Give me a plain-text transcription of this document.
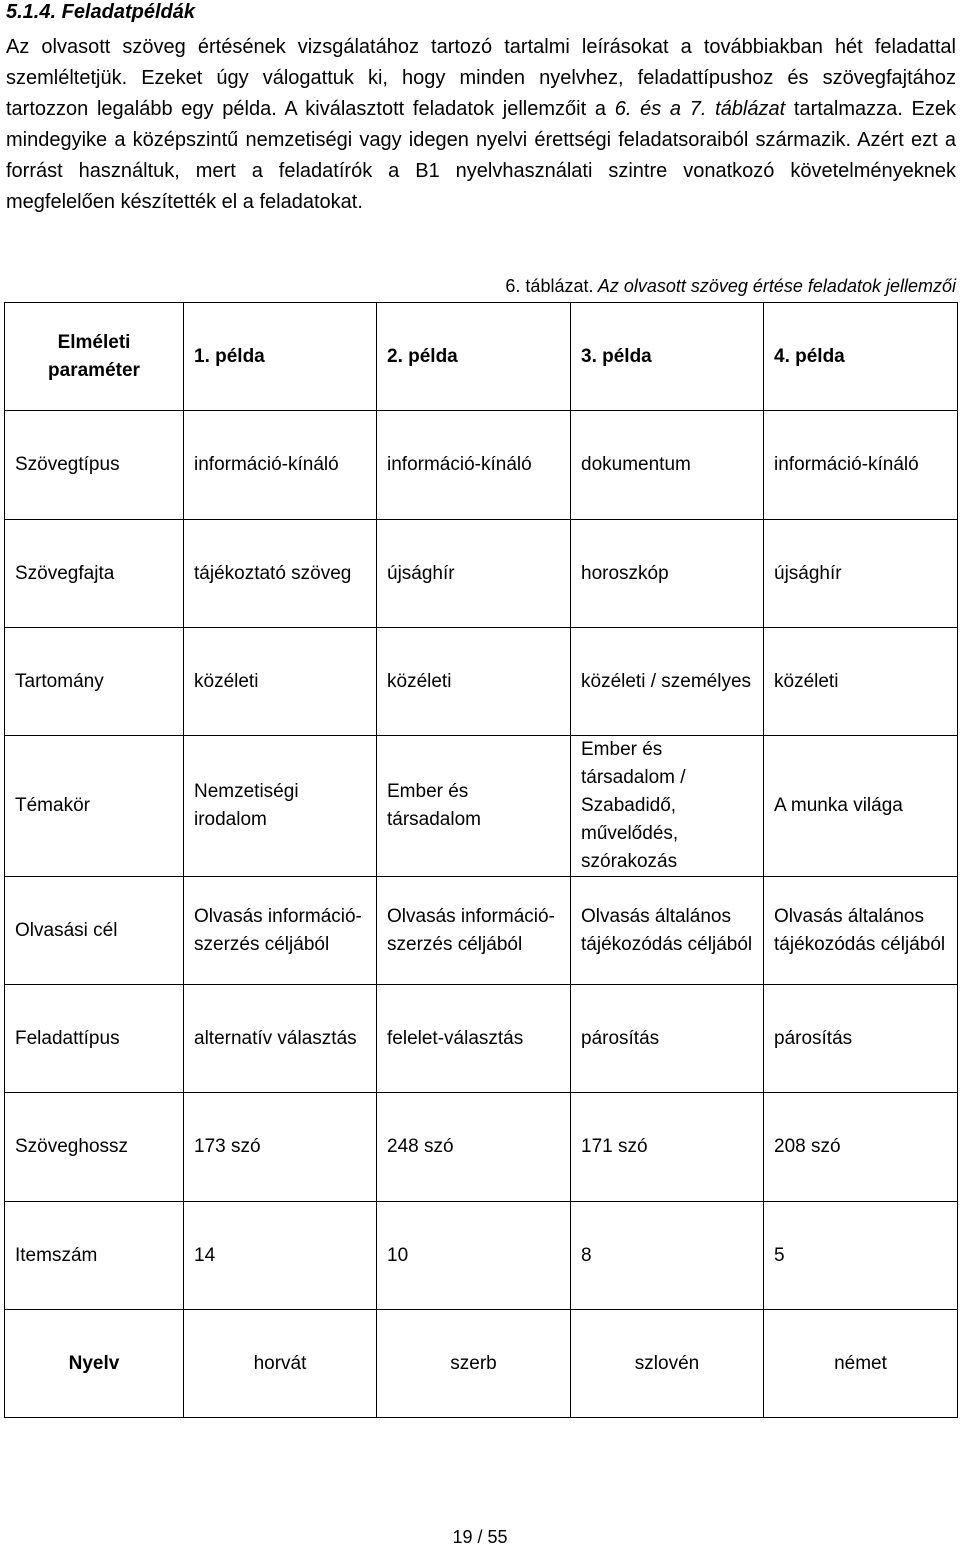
5.1.4. Feladatpéldák

Az olvasott szöveg értésének vizsgálatához tartozó tartalmi leírásokat a továbbiakban hét feladattal szemléltetjük. Ezeket úgy válogattuk ki, hogy minden nyelvhez, feladattípushoz és szövegfajtához tartozzon legalább egy példa. A kiválasztott feladatok jellemzőit a 6. és a 7. táblázat tartalmazza. Ezek mindegyike a középszintű nemzetiségi vagy idegen nyelvi érettségi feladatsoraiból származik. Azért ezt a forrást használtuk, mert a feladatírók a B1 nyelvhasználati szintre vonatkozó követelményeknek megfelelően készítették el a feladatokat.

6. táblázat. Az olvasott szöveg értése feladatok jellemzői
Elméleti paraméter	1. példa	2. példa	3. példa	4. példa
Szövegtípus	információ-kínáló	információ-kínáló	dokumentum	információ-kínáló
Szövegfajta	tájékoztató szöveg	újsághír	horoszkóp	újsághír
Tartomány	közéleti	közéleti	közéleti / személyes	közéleti
Témakör	Nemzetiségi irodalom	Ember és társadalom	Ember és társadalom / Szabadidő, művelődés, szórakozás	A munka világa
Olvasási cél	Olvasás információ-szerzés céljából	Olvasás információ-szerzés céljából	Olvasás általános tájékozódás céljából	Olvasás általános tájékozódás céljából
Feladattípus	alternatív választás	felelet-választás	párosítás	párosítás
Szöveghossz	173 szó	248 szó	171 szó	208 szó
Itemszám	14	10	8	5
Nyelv	horvát	szerb	szlovén	német
19 / 55
